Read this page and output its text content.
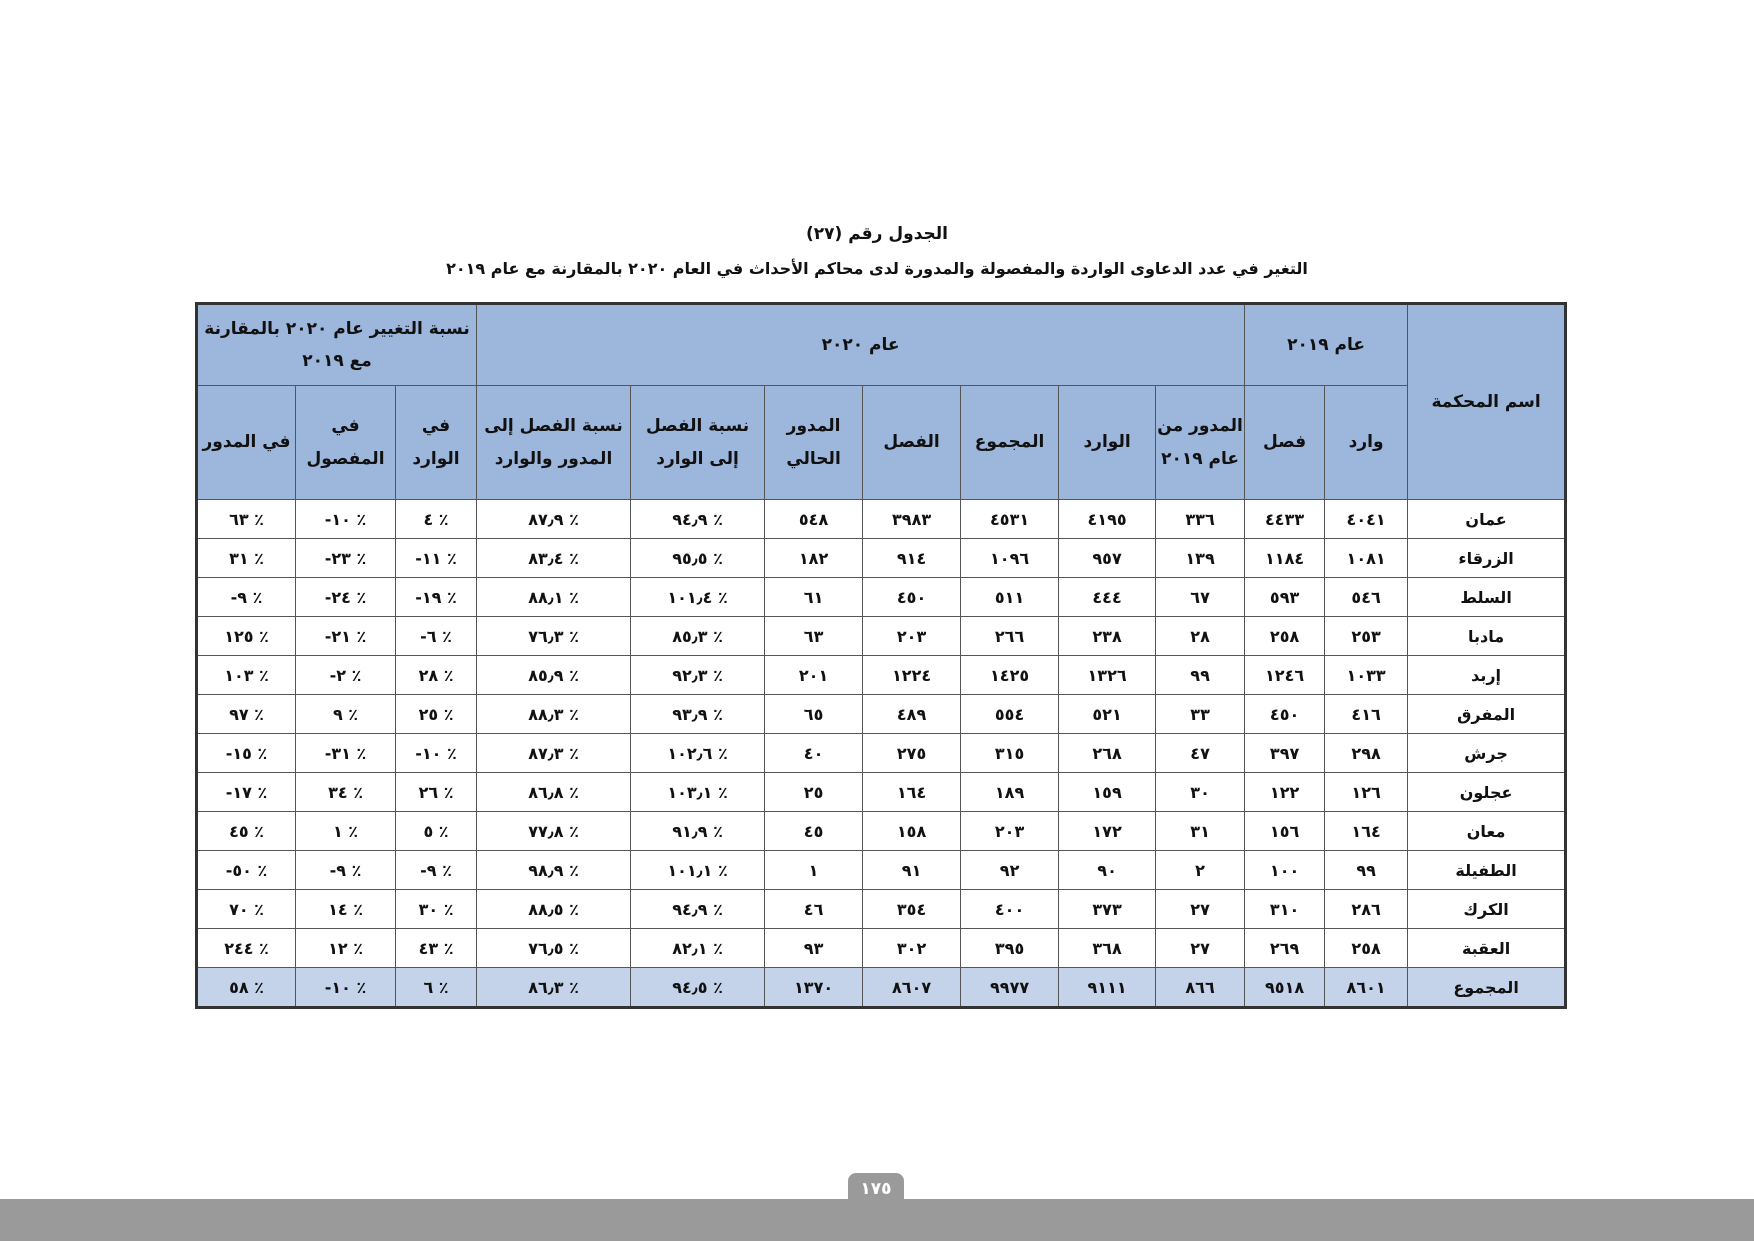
الجدول رقم (٢٧)
التغير في عدد الدعاوى الواردة والمفصولة والمدورة لدى محاكم الأحداث في العام ٢٠٢٠ بالمقارنة مع عام ٢٠١٩
اسم المحكمة	عام ٢٠١٩		عام ٢٠٢٠							نسبة التغيير عام ٢٠٢٠ بالمقارنة مع ٢٠١٩		
	وارد	فصل	المدور من عام ٢٠١٩	الوارد	المجموع	الفصل	المدور الحالي	نسبة الفصل إلى الوارد	نسبة الفصل إلى المدور والوارد	في الوارد	في المفصول	في المدور
عمان	٤٠٤١	٤٤٣٣	٣٣٦	٤١٩٥	٤٥٣١	٣٩٨٣	٥٤٨	٪ ٩٤٫٩	٪ ٨٧٫٩	٪ ٤	٪ ١٠-	٪ ٦٣
الزرقاء	١٠٨١	١١٨٤	١٣٩	٩٥٧	١٠٩٦	٩١٤	١٨٢	٪ ٩٥٫٥	٪ ٨٣٫٤	٪ ١١-	٪ ٢٣-	٪ ٣١
السلط	٥٤٦	٥٩٣	٦٧	٤٤٤	٥١١	٤٥٠	٦١	٪ ١٠١٫٤	٪ ٨٨٫١	٪ ١٩-	٪ ٢٤-	٪ ٩-
مادبا	٢٥٣	٢٥٨	٢٨	٢٣٨	٢٦٦	٢٠٣	٦٣	٪ ٨٥٫٣	٪ ٧٦٫٣	٪ ٦-	٪ ٢١-	٪ ١٢٥
إربد	١٠٣٣	١٢٤٦	٩٩	١٣٢٦	١٤٢٥	١٢٢٤	٢٠١	٪ ٩٢٫٣	٪ ٨٥٫٩	٪ ٢٨	٪ ٢-	٪ ١٠٣
المفرق	٤١٦	٤٥٠	٣٣	٥٢١	٥٥٤	٤٨٩	٦٥	٪ ٩٣٫٩	٪ ٨٨٫٣	٪ ٢٥	٪ ٩	٪ ٩٧
جرش	٢٩٨	٣٩٧	٤٧	٢٦٨	٣١٥	٢٧٥	٤٠	٪ ١٠٢٫٦	٪ ٨٧٫٣	٪ ١٠-	٪ ٣١-	٪ ١٥-
عجلون	١٢٦	١٢٢	٣٠	١٥٩	١٨٩	١٦٤	٢٥	٪ ١٠٣٫١	٪ ٨٦٫٨	٪ ٢٦	٪ ٣٤	٪ ١٧-
معان	١٦٤	١٥٦	٣١	١٧٢	٢٠٣	١٥٨	٤٥	٪ ٩١٫٩	٪ ٧٧٫٨	٪ ٥	٪ ١	٪ ٤٥
الطفيلة	٩٩	١٠٠	٢	٩٠	٩٢	٩١	١	٪ ١٠١٫١	٪ ٩٨٫٩	٪ ٩-	٪ ٩-	٪ ٥٠-
الكرك	٢٨٦	٣١٠	٢٧	٣٧٣	٤٠٠	٣٥٤	٤٦	٪ ٩٤٫٩	٪ ٨٨٫٥	٪ ٣٠	٪ ١٤	٪ ٧٠
العقبة	٢٥٨	٢٦٩	٢٧	٣٦٨	٣٩٥	٣٠٢	٩٣	٪ ٨٢٫١	٪ ٧٦٫٥	٪ ٤٣	٪ ١٢	٪ ٢٤٤
المجموع	٨٦٠١	٩٥١٨	٨٦٦	٩١١١	٩٩٧٧	٨٦٠٧	١٣٧٠	٪ ٩٤٫٥	٪ ٨٦٫٣	٪ ٦	٪ ١٠-	٪ ٥٨
١٧٥
